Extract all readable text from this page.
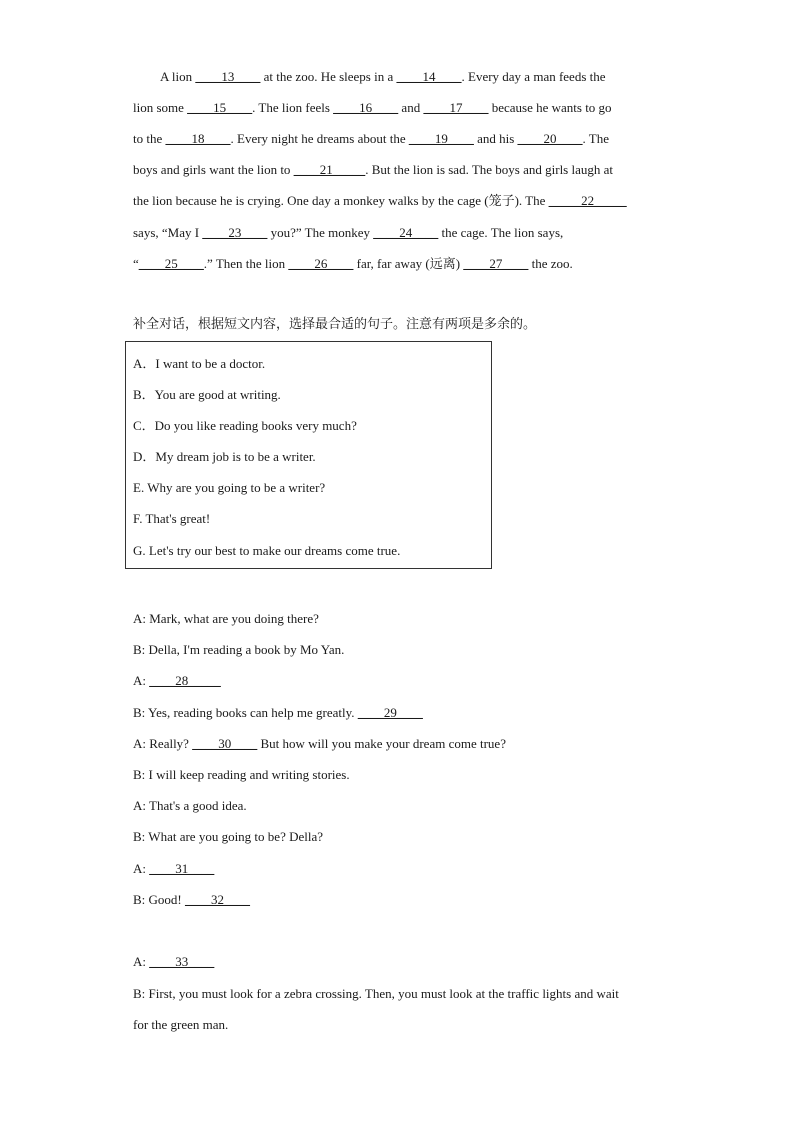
A lion ____13____ at the zoo. He sleeps in a ____14____. Every day a man feeds the
lion some ____15____. The lion feels ____16____ and ____17____ because he wants to go
to the ____18____. Every night he dreams about the ____19____ and his ____20____. The
boys and girls want the lion to ____21_____. But the lion is sad. The boys and girls laugh at
the lion because he is crying. One day a monkey walks by the cage (笼子). The _____22_____
says, “May I ____23____ you?” The monkey ____24____ the cage. The lion says,
“____25____.” Then the lion ____26____ far, far away (远离) ____27____ the zoo.
补全对话，根据短文内容，选择最合适的句子。注意有两项是多余的。
A．I want to be a doctor.
B．You are good at writing.
C．Do you like reading books very much?
D．My dream job is to be a writer.
E. Why are you going to be a writer?
F. That's great!
G. Let's try our best to make our dreams come true.
A: Mark, what are you doing there?
B: Della, I'm reading a book by Mo Yan.
A: ____28_____
B: Yes, reading books can help me greatly. ____29____
A: Really? ____30____ But how will you make your dream come true?
B: I will keep reading and writing stories.
A: That's a good idea.
B: What are you going to be? Della?
A: ____31____
B: Good! ____32____
A: ____33____
B: First, you must look for a zebra crossing. Then, you must look at the traffic lights and wait
for the green man.
